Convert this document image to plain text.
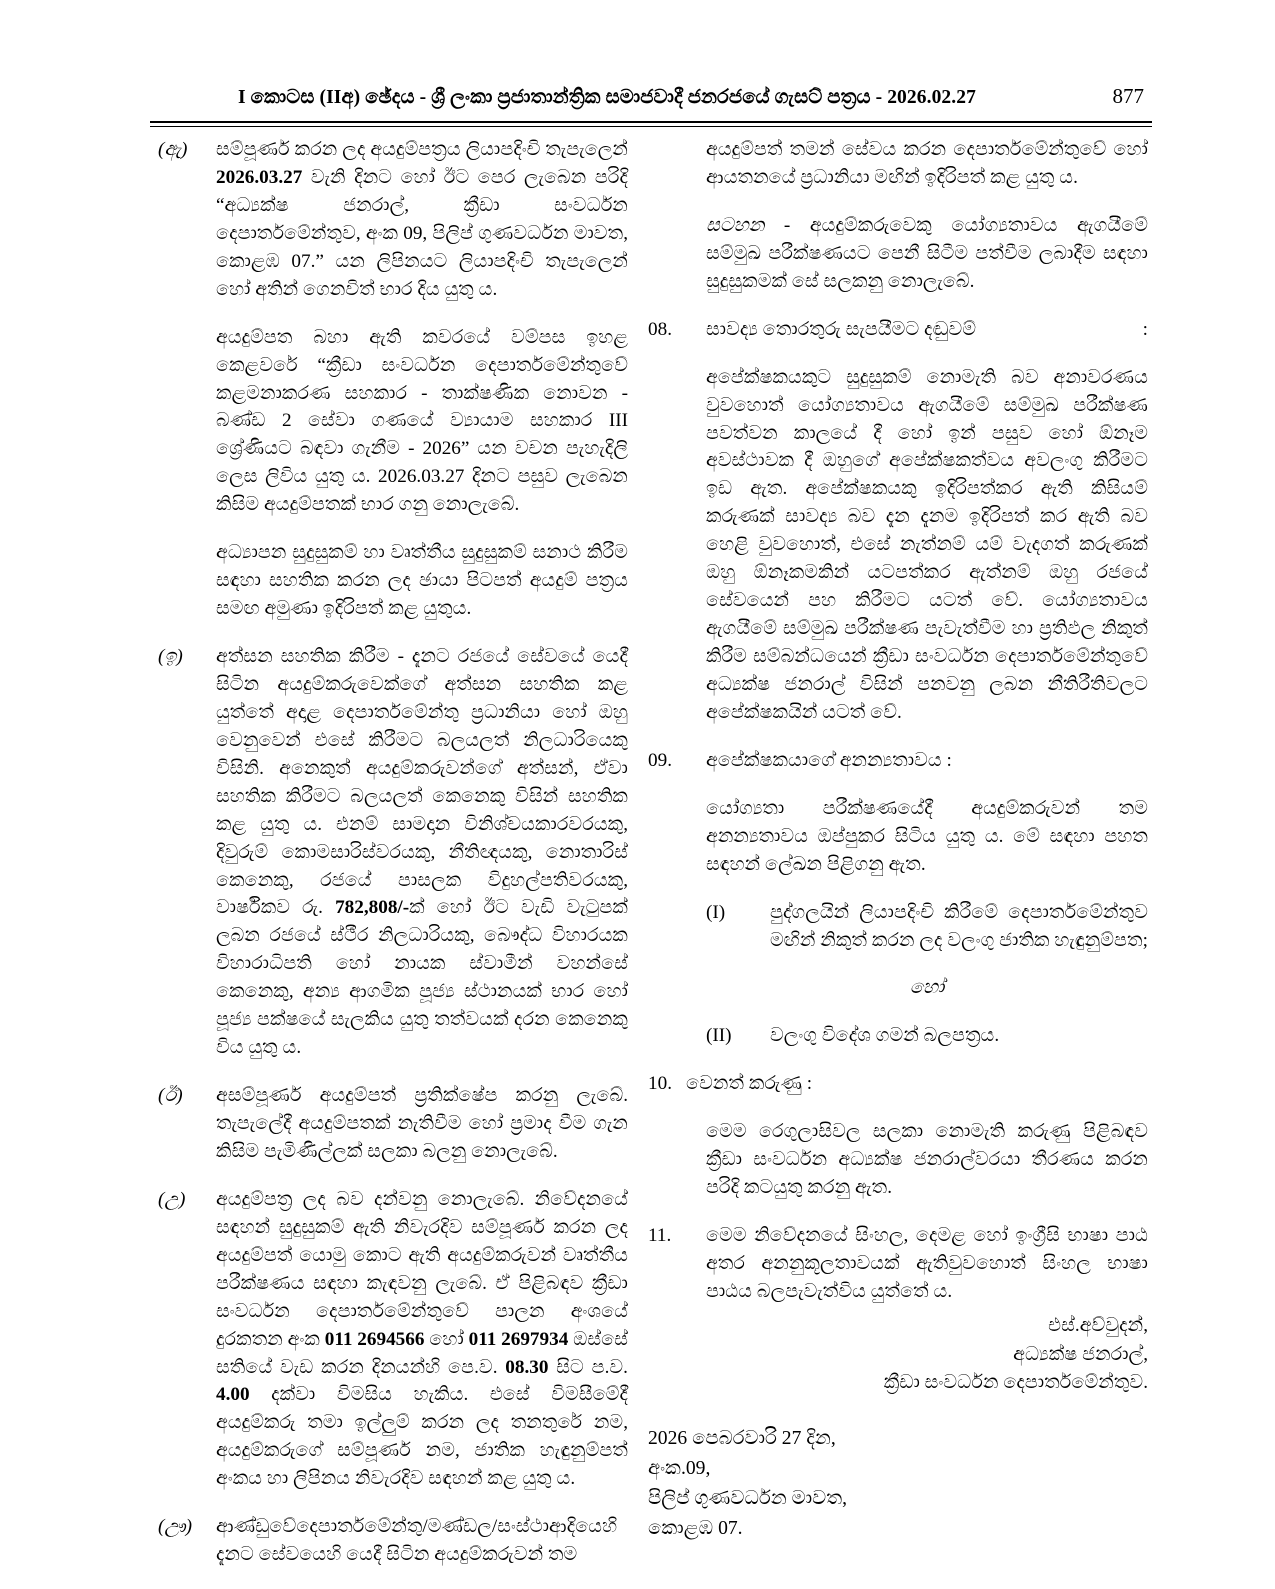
I කොටස (IIඅ) ඡේදය - ශ්‍රී ලංකා ප්‍රජාතාන්ත්‍රික සමාජවාදී ජනරජයේ ගැසට් පත්‍රය - 2026.02.27	877
(ඇ)	සම්පූර්ණ කරන ලද අයදුම්පත්‍රය ලියාපදිංචි තැපැලෙන් 2026.03.27 වැනි දිනට හෝ ඊට පෙර ලැබෙන පරිදි “අධ්‍යක්ෂ ජනරාල්, ක්‍රීඩා සංවර්ධන දෙපාර්තමේන්තුව, අංක 09, පිලිප් ගුණවර්ධන මාවත, කොළඹ 07.” යන ලිපිනයට ලියාපදිංචි තැපැලෙන් හෝ අතින් ගෙනවිත් භාර දිය යුතු ය.
අයදුම්පත බහා ඇති කවරයේ වම්පස ඉහළ කෙළවරේ “ක්‍රීඩා සංවර්ධන දෙපාර්තමේන්තුවේ කළමනාකරණ සහකාර - තාක්ෂණික නොවන - බණ්ඩ 2 සේවා ගණයේ ව්‍යායාම සහකාර III ශ්‍රේණියට බඳවා ගැනීම - 2026” යන වචන පැහැදිලි ලෙස ලිවිය යුතු ය. 2026.03.27 දිනට පසුව ලැබෙන කිසිම අයදුම්පතක් භාර ගනු නොලැබේ.
අධ්‍යාපන සුදුසුකම් හා වෘත්තීය සුදුසුකම් සනාථ කිරීම සඳහා සහතික කරන ලද ඡායා පිටපත් අයදුම් පත්‍රය සමඟ අමුණා ඉදිරිපත් කළ යුතුය.
(ඉ)	අත්සන සහතික කිරීම - දැනට රජයේ සේවයේ යෙදී සිටින අයදුම්කරුවෙක්ගේ අත්සන සහතික කළ යුත්තේ අදාළ දෙපාර්තමේන්තු ප්‍රධානියා හෝ ඔහු වෙනුවෙන් එසේ කිරීමට බලයලත් නිලධාරියෙකු විසිනි. අනෙකුත් අයදුම්කරුවන්ගේ අත්සන්, ඒවා සහතික කිරීමට බලයලත් කෙනෙකු විසින් සහතික කළ යුතු ය. එනම් සාමදාන විනිශ්චයකාරවරයකු, දිවුරුම් කොමසාරිස්වරයකු, නීතිඥයකු, නොතාරිස් කෙනෙකු, රජයේ පාසලක විදුහල්පතිවරයකු, වාර්ෂිකව රු. 782,808/-ක් හෝ ඊට වැඩි වැටුපක් ලබන රජයේ ස්ථීර නිලධාරියකු, බෞද්ධ විහාරයක විහාරාධිපති හෝ නායක ස්වාමීන් වහන්සේ කෙනෙකු, අන්‍ය ආගමික පූජ්‍ය ස්ථානයක් භාර හෝ පූජ්‍ය පක්ෂයේ සැලකිය යුතු තත්වයක් දරන කෙනෙකු විය යුතු ය.
(ඊ)	අසම්පූර්ණ අයදුම්පත් ප්‍රතික්ෂේප කරනු ලැබේ. තැපැලේදී අයදුම්පතක් නැතිවීම හෝ ප්‍රමාද වීම ගැන කිසිම පැමිණිල්ලක් සලකා බලනු නොලැබේ.
(උ)	අයදුම්පත්‍ර ලද බව දන්වනු නොලැබේ. නිවේදනයේ සඳහන් සුදුසුකම් ඇති නිවැරදිව සම්පූර්ණ කරන ලද අයදුම්පත් යොමු කොට ඇති අයදුම්කරුවන් වෘත්තීය පරීක්ෂණය සඳහා කැඳවනු ලැබේ. ඒ පිළිබඳව ක්‍රීඩා සංවර්ධන දෙපාර්තමේන්තුවේ පාලන අංශයේ දුරකතන අංක 011 2694566 හෝ 011 2697934 ඔස්සේ සතියේ වැඩ කරන දිනයන්හි පෙ.ව. 08.30 සිට ප.ව. 4.00 දක්වා විමසිය හැකිය. එසේ විමසීමේදී අයදුම්කරු තමා ඉල්ලුම් කරන ලද තනතුරේ නම, අයදුම්කරුගේ සම්පූර්ණ නම, ජාතික හැඳුනුම්පත් අංකය හා ලිපිනය නිවැරදිව සඳහන් කළ යුතු ය.
(ඌ)	ආණ්ඩුවේදෙපාර්තමේන්තු/මණ්ඩල/සංස්ථාආදියෙහි දැනට සේවයෙහි යෙදී සිටින අයදුම්කරුවන් තම
අයදුම්පත් තමන් සේවය කරන දෙපාර්තමේන්තුවේ හෝ ආයතනයේ ප්‍රධානියා මඟින් ඉදිරිපත් කළ යුතු ය.
සටහන - අයදුම්කරුවෙකු යෝග්‍යතාවය ඇගයීමේ සම්මුඛ පරීක්ෂණයට පෙනී සිටීම පත්වීම ලබාදීම සඳහා සුදුසුකමක් සේ සලකනු නොලැබේ.
08.	සාවද්‍ය තොරතුරු සැපයීමට දඬුවම්	:
අපේක්ෂකයකුට සුදුසුකම් නොමැති බව අනාවරණය වුවහොත් යෝග්‍යතාවය ඇගයීමේ සම්මුඛ පරීක්ෂණ පවත්වන කාලයේ දී හෝ ඉන් පසුව හෝ ඕනෑම අවස්ථාවක දී ඔහුගේ අපේක්ෂකත්වය අවලංගු කිරීමට ඉඩ ඇත. අපේක්ෂකයකු ඉදිරිපත්කර ඇති කිසියම් කරුණක් සාවද්‍ය බව දැන දැනම ඉදිරිපත් කර ඇති බව හෙළි වුවහොත්, එසේ නැත්නම් යම් වැදගත් කරුණක් ඔහු ඕනෑකමකින් යටපත්කර ඇත්නම් ඔහු රජයේ සේවයෙන් පහ කිරීමට යටත් වේ. යෝග්‍යතාවය ඇගයීමේ සම්මුඛ පරීක්ෂණ පැවැත්වීම හා ප්‍රතිඵල නිකුත් කිරීම සම්බන්ධයෙන් ක්‍රීඩා සංවර්ධන දෙපාර්තමේන්තුවේ අධ්‍යක්ෂ ජනරාල් විසින් පනවනු ලබන නීතිරීතිවලට අපේක්ෂකයින් යටත් වේ.
09.	අපේක්ෂකයාගේ අනන්‍යතාවය :
යෝග්‍යතා පරීක්ෂණයේදී අයදුම්කරුවන් තම අනන්‍යතාවය ඔප්පුකර සිටිය යුතු ය. මේ සඳහා පහත සඳහන් ලේඛන පිළිගනු ඇත.
(I)	පුද්ගලයින් ලියාපදිංචි කිරීමේ දෙපාර්තමේන්තුව මඟින් නිකුත් කරන ලද වලංගු ජාතික හැඳුනුම්පත;
හෝ
(II)	වලංගු විදේශ ගමන් බලපත්‍රය.
10. වෙනත් කරුණු :
මෙම රෙගුලාසිවල සලකා නොමැති කරුණු පිළිබඳව ක්‍රීඩා සංවර්ධන අධ්‍යක්ෂ ජනරාල්වරයා තීරණය කරන පරිදි කටයුතු කරනු ඇත.
11.	මෙම නිවේදනයේ සිංහල, දෙමළ හෝ ඉංග්‍රීසි භාෂා පාඨ අතර අනනුකූලතාවයක් ඇතිවුවහොත් සිංහල භාෂා පාඨය බලපැවැත්විය යුත්තේ ය.
එස්.අව්වුදන්,
අධ්‍යක්ෂ ජනරාල්,
ක්‍රීඩා සංවර්ධන දෙපාර්තමේන්තුව.
2026 පෙබරවාරි 27 දින,
අංක.09,
පිලිප් ගුණවර්ධන මාවත,
කොළඹ 07.
